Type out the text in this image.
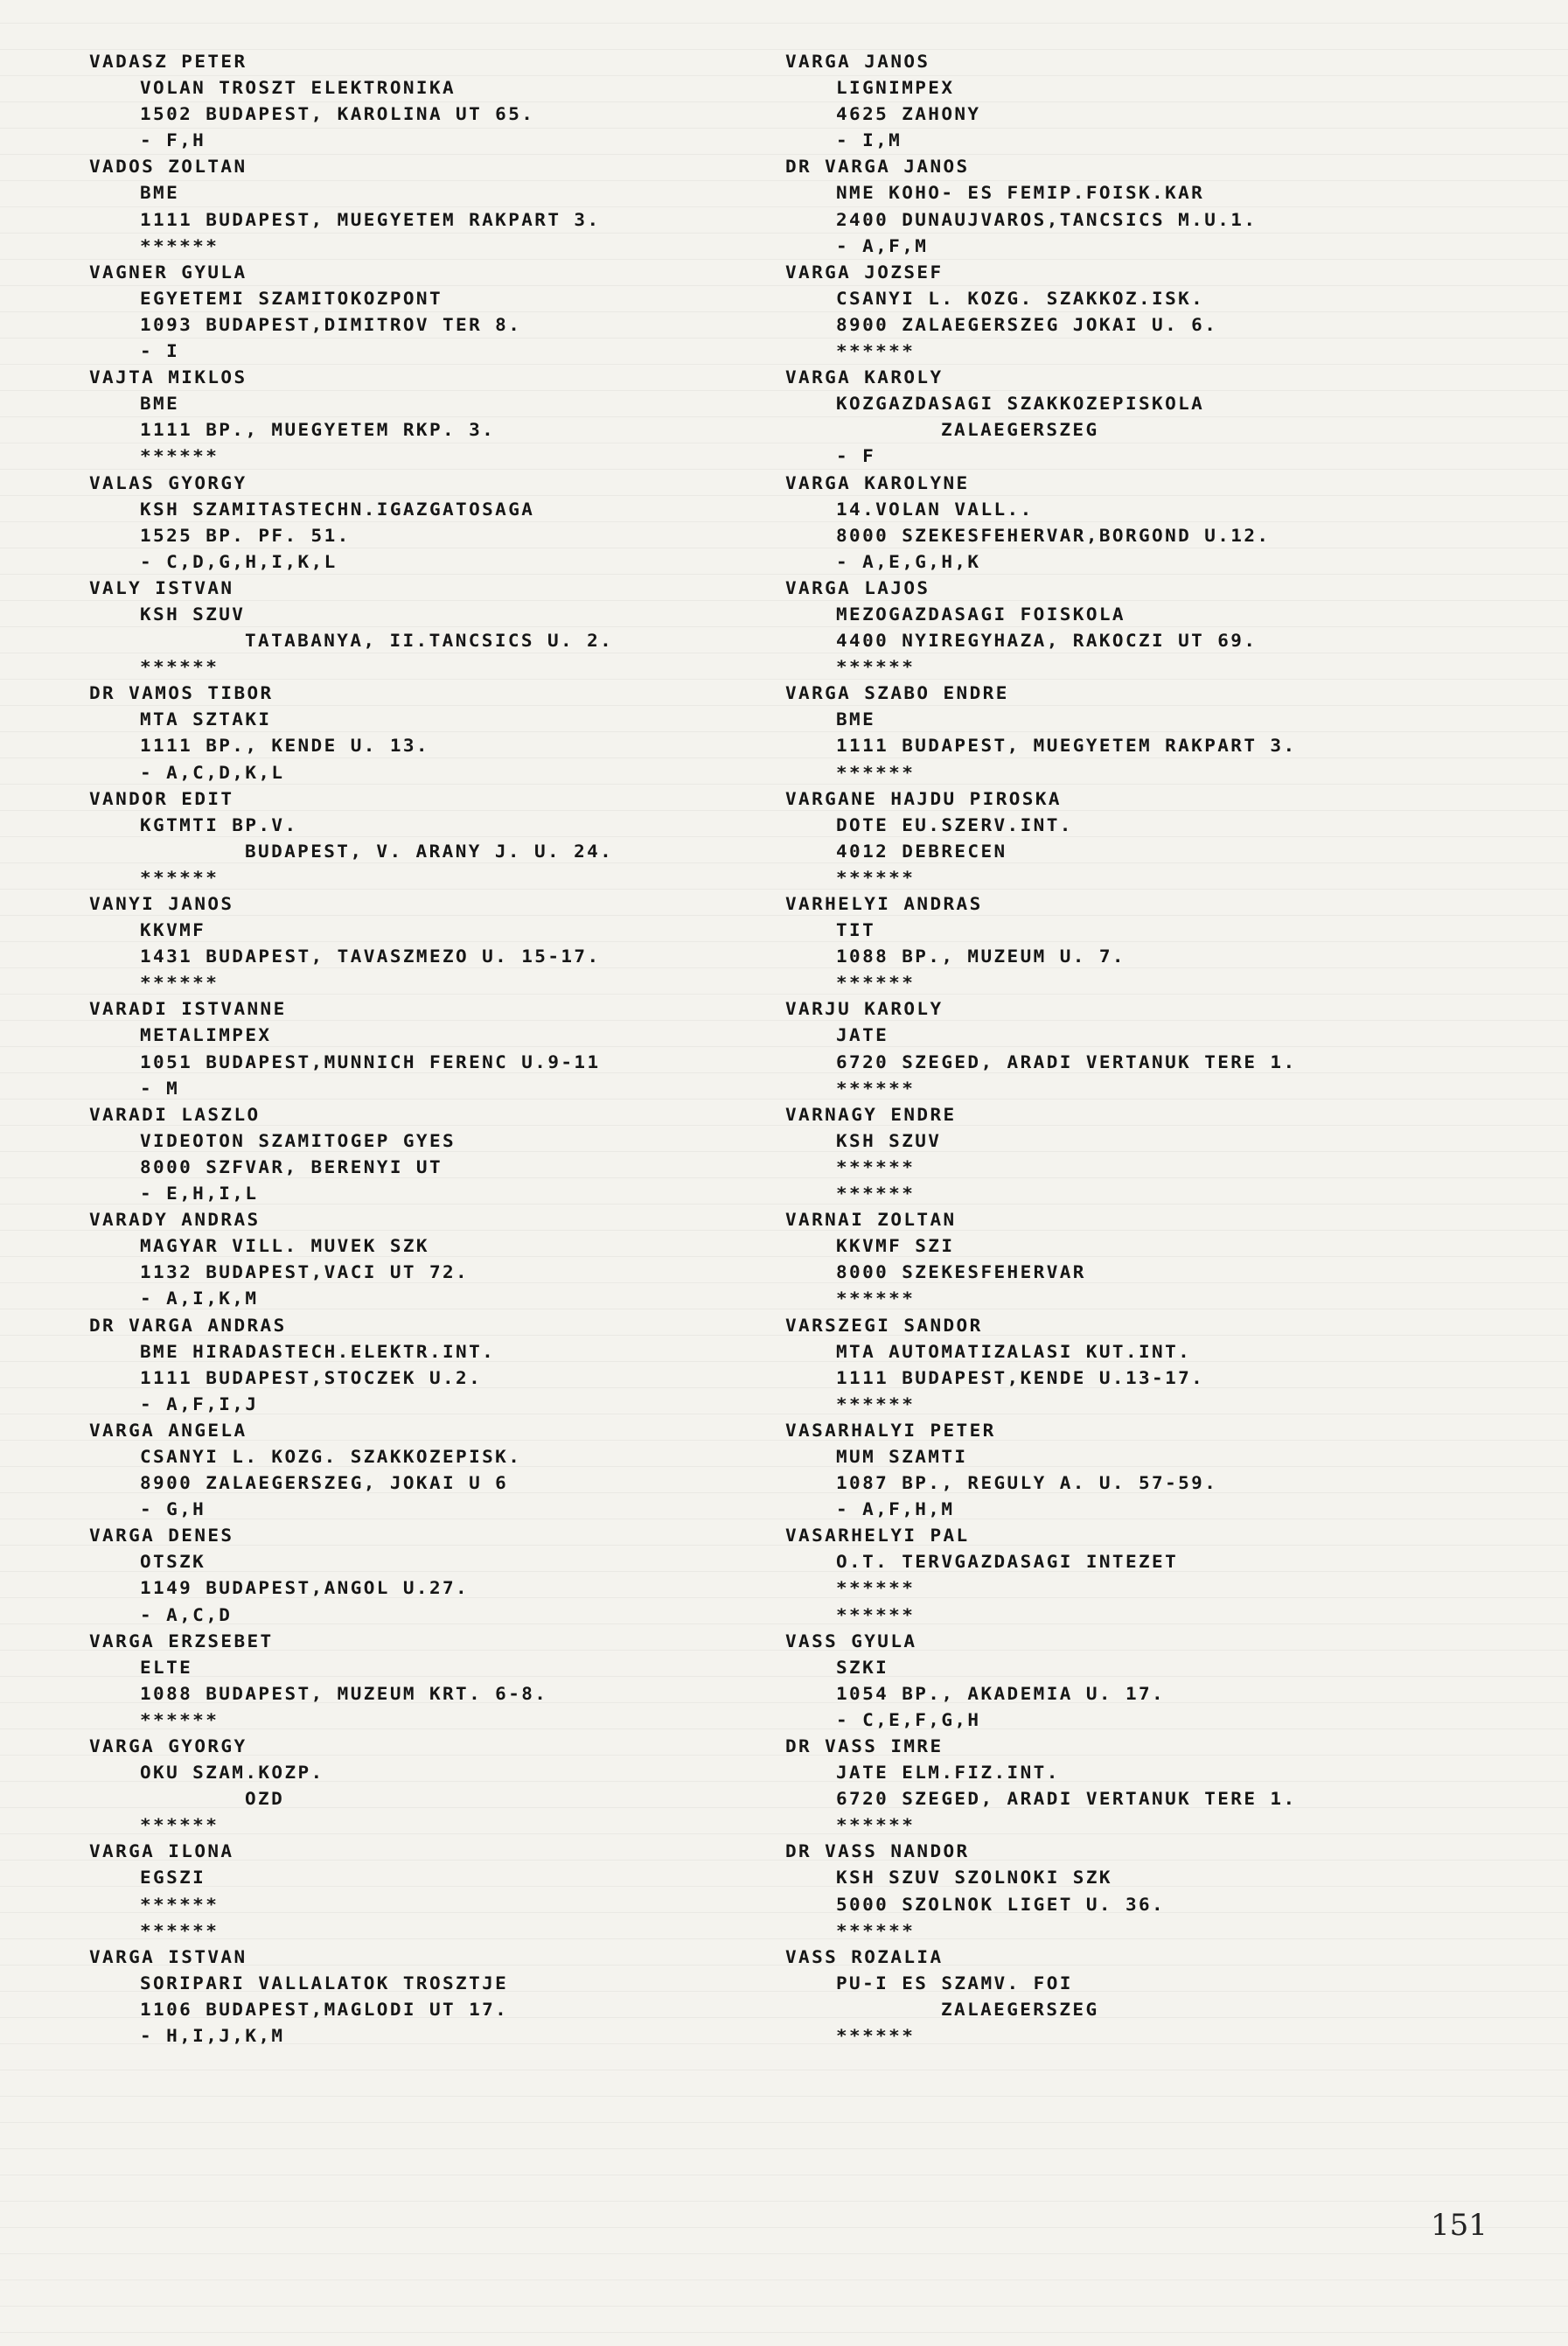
VADASZ PETER
VOLAN TROSZT ELEKTRONIKA
1502 BUDAPEST, KAROLINA UT 65.
- F,H
VADOS ZOLTAN
BME
1111 BUDAPEST, MUEGYETEM RAKPART 3.
******
VAGNER GYULA
EGYETEMI SZAMITOKOZPONT
1093 BUDAPEST,DIMITROV TER 8.
- I
VAJTA MIKLOS
BME
1111 BP., MUEGYETEM RKP. 3.
******
VALAS GYORGY
KSH SZAMITASTECHN.IGAZGATOSAGA
1525 BP. PF. 51.
- C,D,G,H,I,K,L
VALY ISTVAN
KSH SZUV
TATABANYA, II.TANCSICS U. 2.
******
DR VAMOS TIBOR
MTA SZTAKI
1111 BP., KENDE U. 13.
- A,C,D,K,L
VANDOR EDIT
KGTMTI BP.V.
BUDAPEST, V. ARANY J. U. 24.
******
VANYI JANOS
KKVMF
1431 BUDAPEST, TAVASZMEZO U. 15-17.
******
VARADI ISTVANNE
METALIMPEX
1051 BUDAPEST,MUNNICH FERENC U.9-11
- M
VARADI LASZLO
VIDEOTON SZAMITOGEP GYES
8000 SZFVAR, BERENYI UT
- E,H,I,L
VARADY ANDRAS
MAGYAR VILL. MUVEK SZK
1132 BUDAPEST,VACI UT 72.
- A,I,K,M
DR VARGA ANDRAS
BME HIRADASTECH.ELEKTR.INT.
1111 BUDAPEST,STOCZEK U.2.
- A,F,I,J
VARGA ANGELA
CSANYI L. KOZG. SZAKKOZEPISK.
8900 ZALAEGERSZEG, JOKAI U 6
- G,H
VARGA DENES
OTSZK
1149 BUDAPEST,ANGOL U.27.
- A,C,D
VARGA ERZSEBET
ELTE
1088 BUDAPEST, MUZEUM KRT. 6-8.
******
VARGA GYORGY
OKU SZAM.KOZP.
OZD
******
VARGA ILONA
EGSZI
******
******
VARGA ISTVAN
SORIPARI VALLALATOK TROSZTJE
1106 BUDAPEST,MAGLODI UT 17.
- H,I,J,K,M
VARGA JANOS
LIGNIMPEX
4625 ZAHONY
- I,M
DR VARGA JANOS
NME KOHO- ES FEMIP.FOISK.KAR
2400 DUNAUJVAROS,TANCSICS M.U.1.
- A,F,M
VARGA JOZSEF
CSANYI L. KOZG. SZAKKOZ.ISK.
8900 ZALAEGERSZEG JOKAI U. 6.
******
VARGA KAROLY
KOZGAZDASAGI SZAKKOZEPISKOLA
ZALAEGERSZEG
- F
VARGA KAROLYNE
14.VOLAN VALL..
8000 SZEKESFEHERVAR,BORGOND U.12.
- A,E,G,H,K
VARGA LAJOS
MEZOGAZDASAGI FOISKOLA
4400 NYIREGYHAZA, RAKOCZI UT 69.
******
VARGA SZABO ENDRE
BME
1111 BUDAPEST, MUEGYETEM RAKPART 3.
******
VARGANE HAJDU PIROSKA
DOTE EU.SZERV.INT.
4012 DEBRECEN
******
VARHELYI ANDRAS
TIT
1088 BP., MUZEUM U. 7.
******
VARJU KAROLY
JATE
6720 SZEGED, ARADI VERTANUK TERE 1.
******
VARNAGY ENDRE
KSH SZUV
******
******
VARNAI ZOLTAN
KKVMF SZI
8000 SZEKESFEHERVAR
******
VARSZEGI SANDOR
MTA AUTOMATIZALASI KUT.INT.
1111 BUDAPEST,KENDE U.13-17.
******
VASARHALYI PETER
MUM SZAMTI
1087 BP., REGULY A. U. 57-59.
- A,F,H,M
VASARHELYI PAL
O.T. TERVGAZDASAGI INTEZET
******
******
VASS GYULA
SZKI
1054 BP., AKADEMIA U. 17.
- C,E,F,G,H
DR VASS IMRE
JATE ELM.FIZ.INT.
6720 SZEGED, ARADI VERTANUK TERE 1.
******
DR VASS NANDOR
KSH SZUV SZOLNOKI SZK
5000 SZOLNOK LIGET U. 36.
******
VASS ROZALIA
PU-I ES SZAMV. FOI
ZALAEGERSZEG
******
151
